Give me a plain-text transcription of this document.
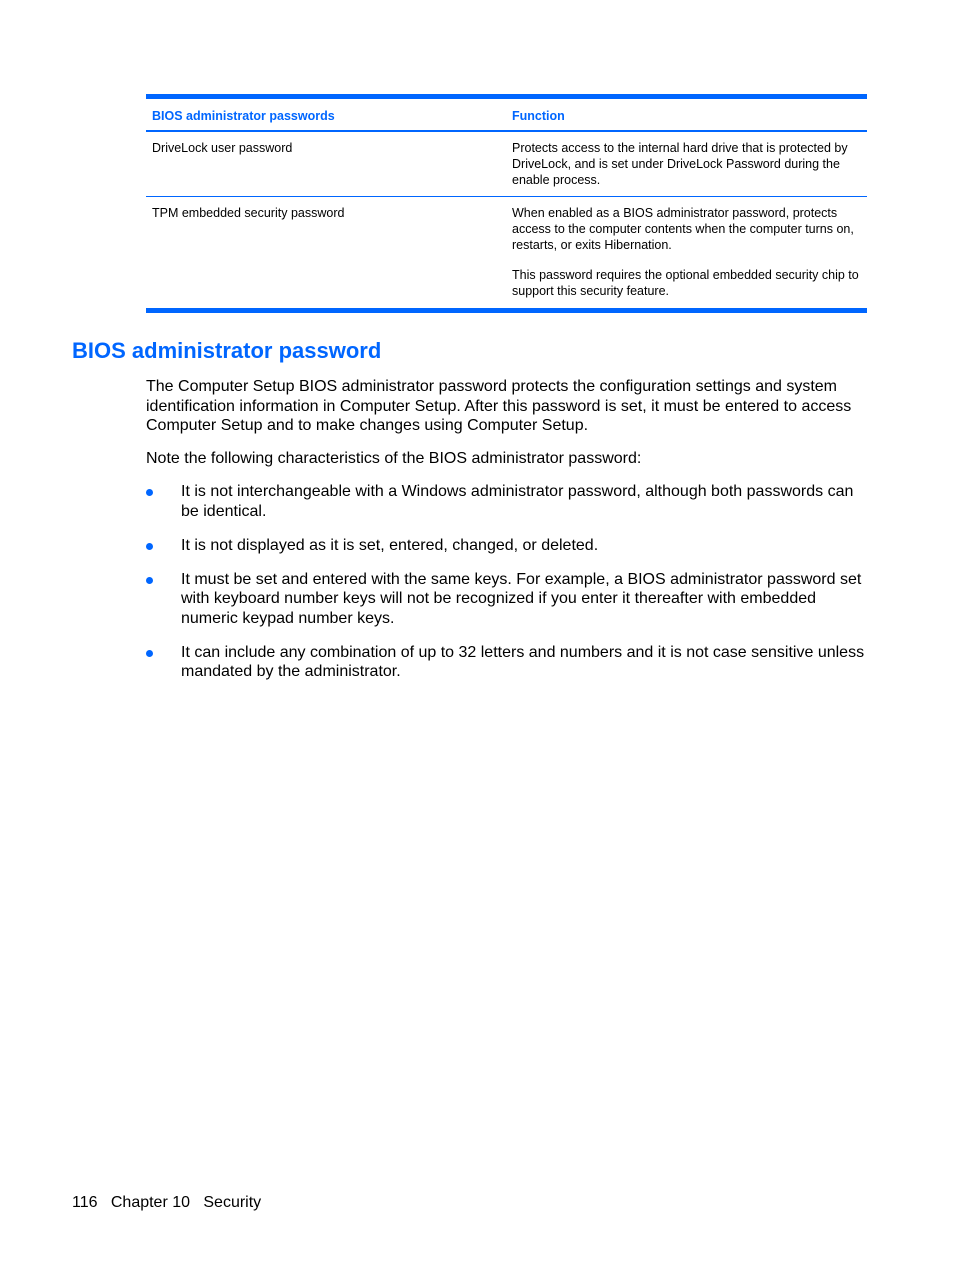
BIOS administrator passwords	Function
DriveLock user password	Protects access to the internal hard drive that is protected by DriveLock, and is set under DriveLock Password during the enable process.

TPM embedded security password	When enabled as a BIOS administrator password, protects access to the computer contents when the computer turns on, restarts, or exits Hibernation.

This password requires the optional embedded security chip to support this security feature.

BIOS administrator password

The Computer Setup BIOS administrator password protects the configuration settings and system identification information in Computer Setup. After this password is set, it must be entered to access Computer Setup and to make changes using Computer Setup.

Note the following characteristics of the BIOS administrator password:

It is not interchangeable with a Windows administrator password, although both passwords can be identical.
It is not displayed as it is set, entered, changed, or deleted.
It must be set and entered with the same keys. For example, a BIOS administrator password set with keyboard number keys will not be recognized if you enter it thereafter with embedded numeric keypad number keys.
It can include any combination of up to 32 letters and numbers and it is not case sensitive unless mandated by the administrator.
116 Chapter 10 Security
